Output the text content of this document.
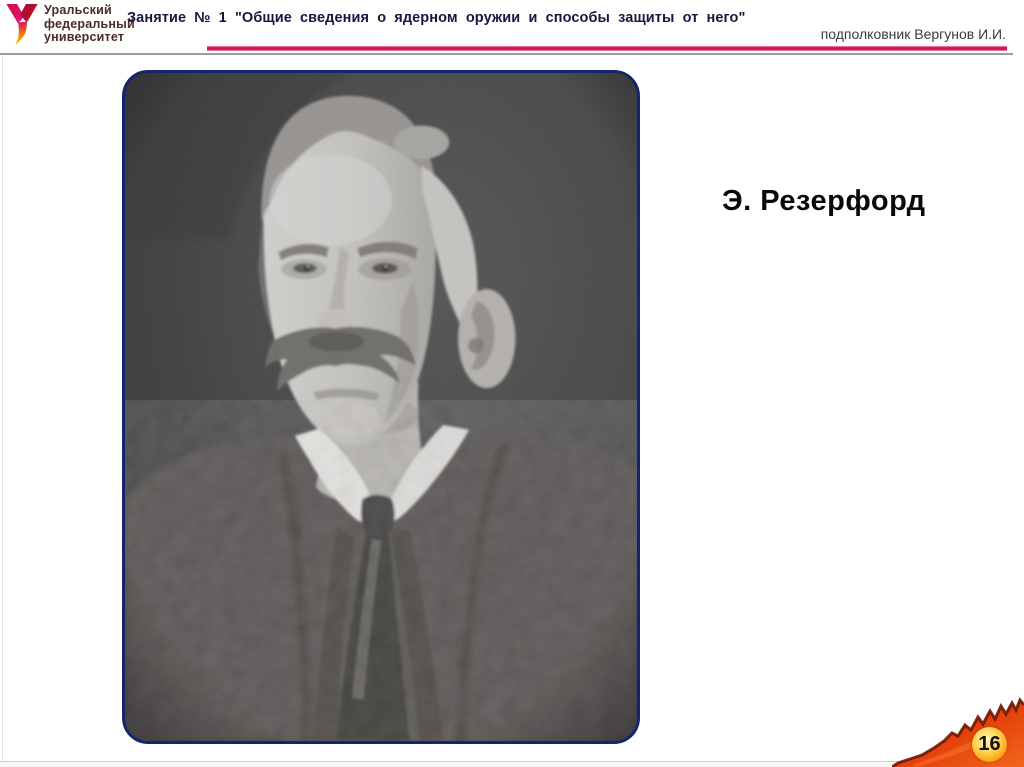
Уральский
федеральный
университет
Занятие № 1 "Общие сведения о ядерном оружии и способы защиты от него"
подполковник Вергунов И.И.
Э. Резерфорд
16
